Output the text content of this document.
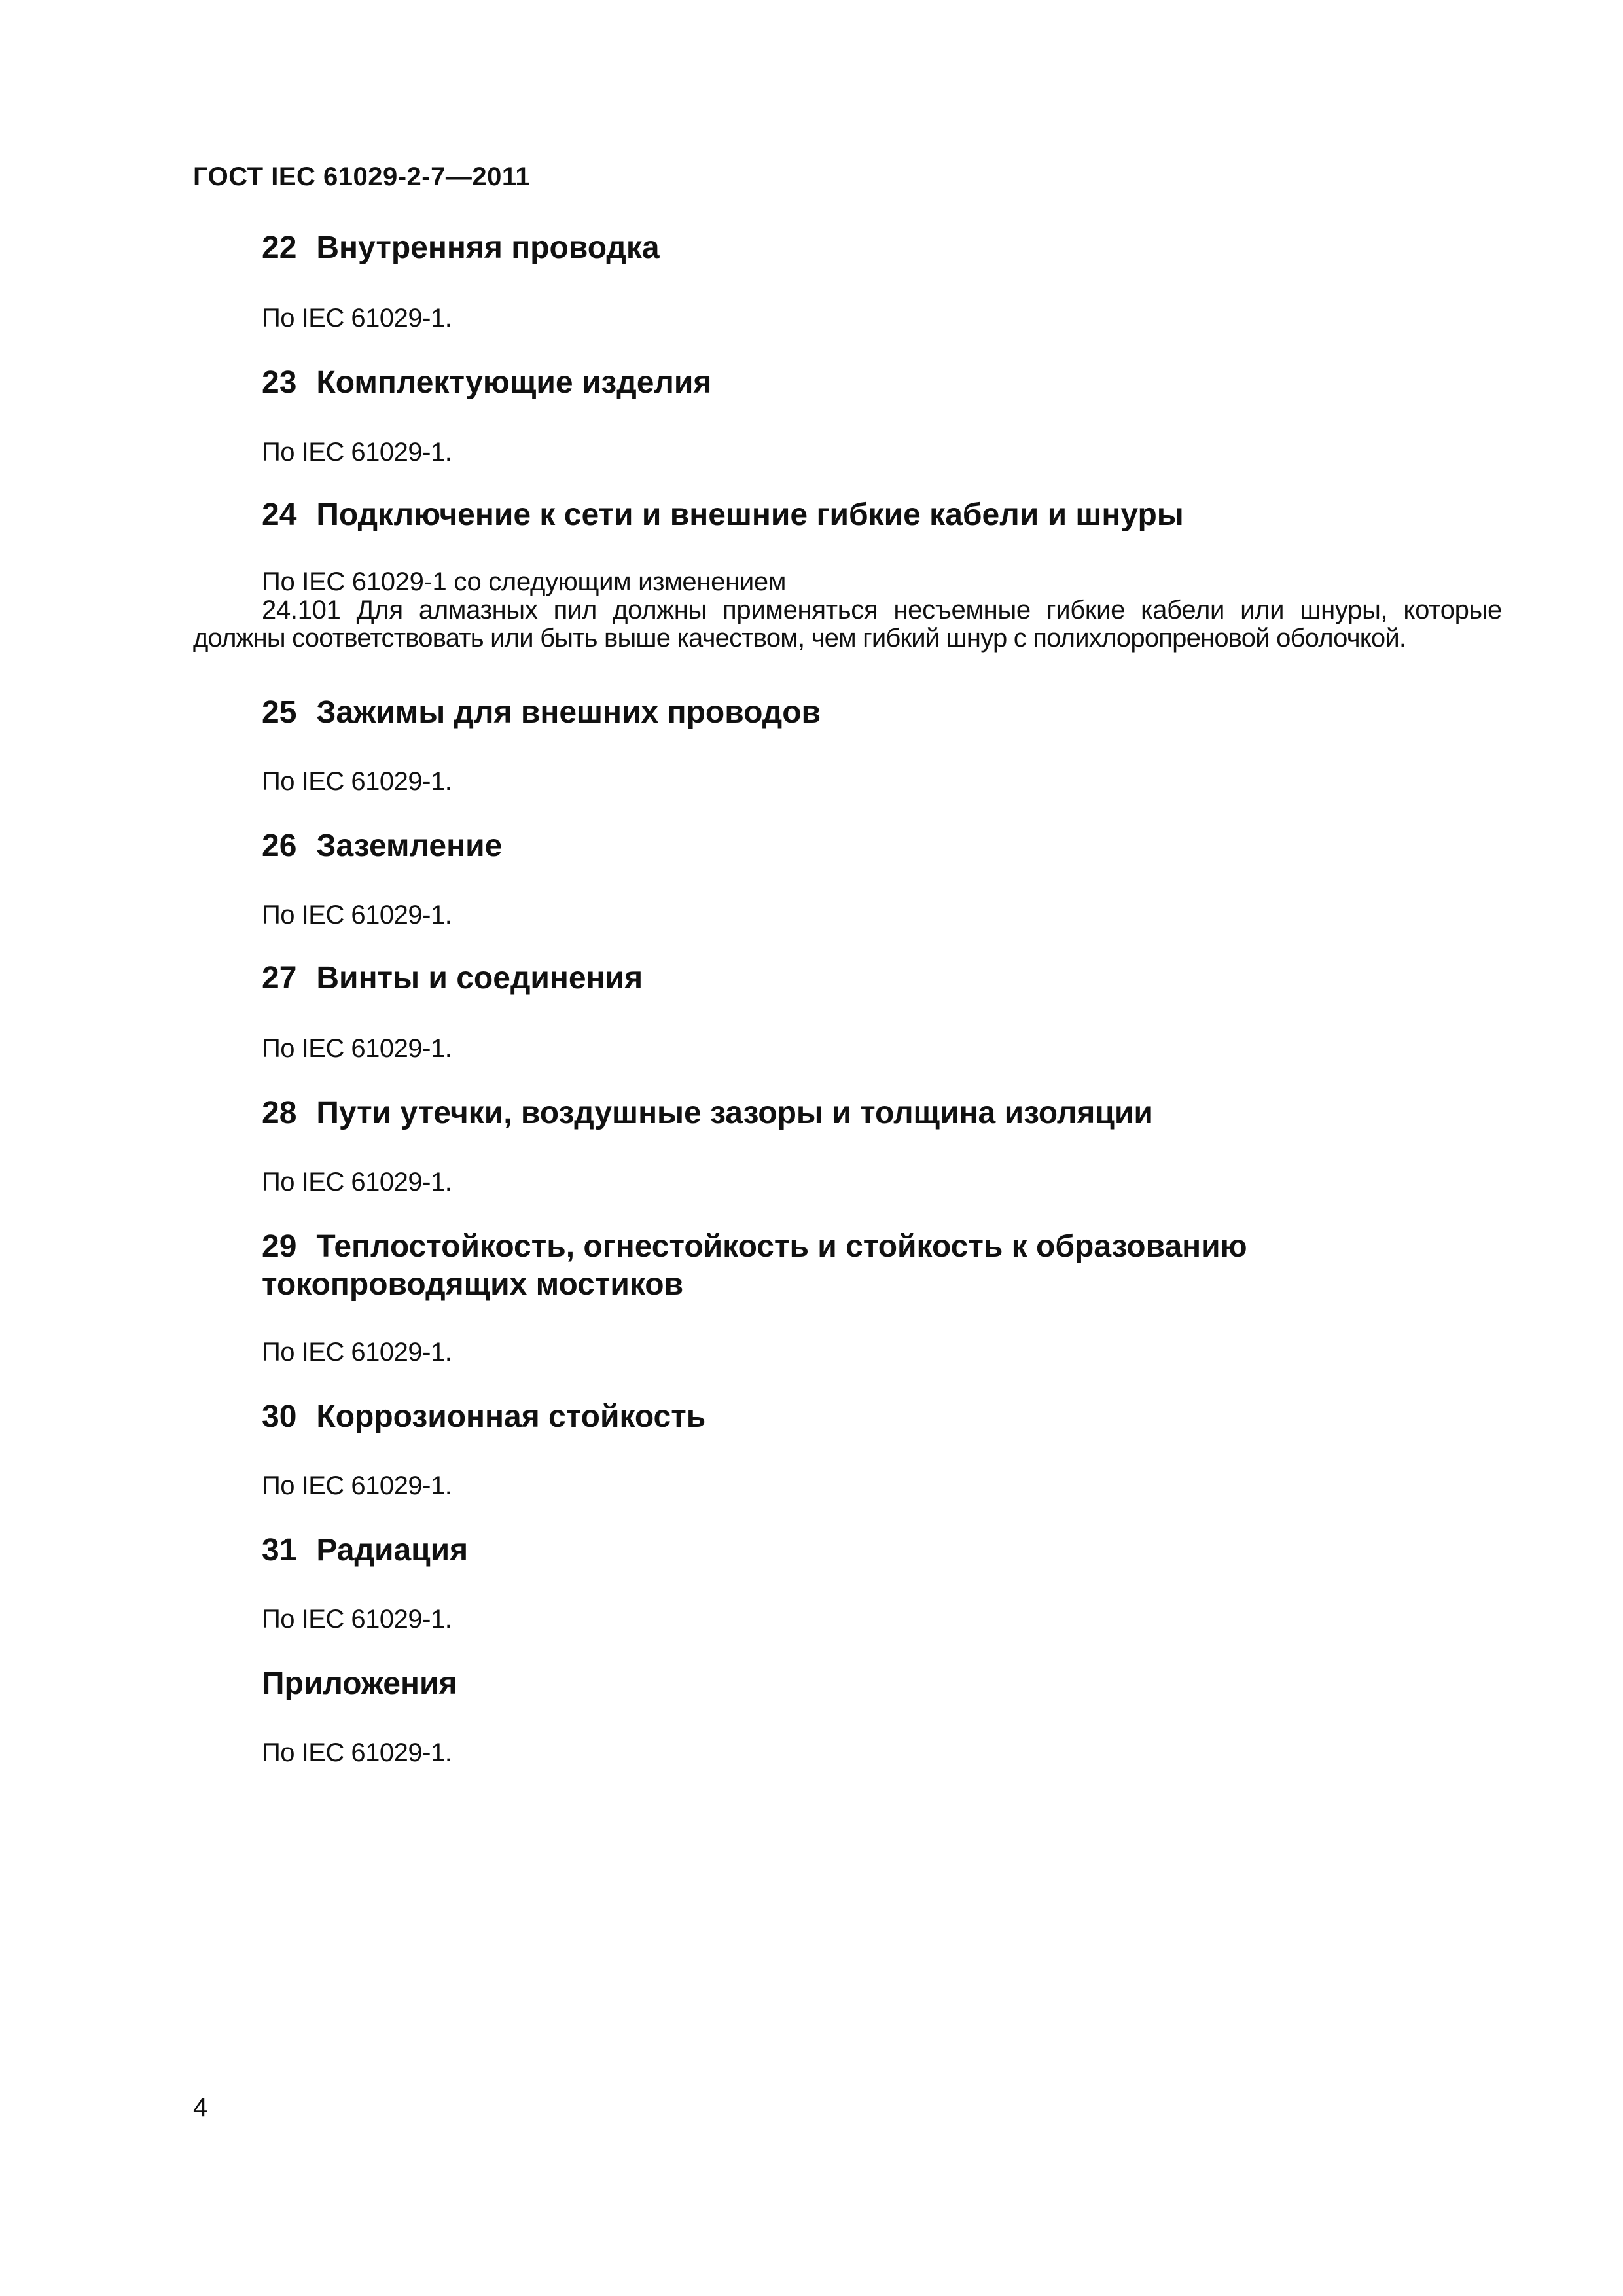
ГОСТ IEC 61029-2-7—2011
22 Внутренняя проводка
По IEC 61029-1.
23 Комплектующие изделия
По IEC 61029-1.
24 Подключение к сети и внешние гибкие кабели и шнуры
По IEC 61029-1 со следующим изменением
24.101 Для алмазных пил должны применяться несъемные гибкие кабели или шнуры, которые
должны соответствовать или быть выше качеством, чем гибкий шнур с полихлоропреновой оболочкой.
25 Зажимы для внешних проводов
По IEC 61029-1.
26 Заземление
По IEC 61029-1.
27 Винты и соединения
По IEC 61029-1.
28 Пути утечки, воздушные зазоры и толщина изоляции
По IEC 61029-1.
29 Теплостойкость, огнестойкость и стойкость к образованию
токопроводящих мостиков
По IEC 61029-1.
30 Коррозионная стойкость
По IEC 61029-1.
31 Радиация
По IEC 61029-1.
Приложения
По IEC 61029-1.
4
